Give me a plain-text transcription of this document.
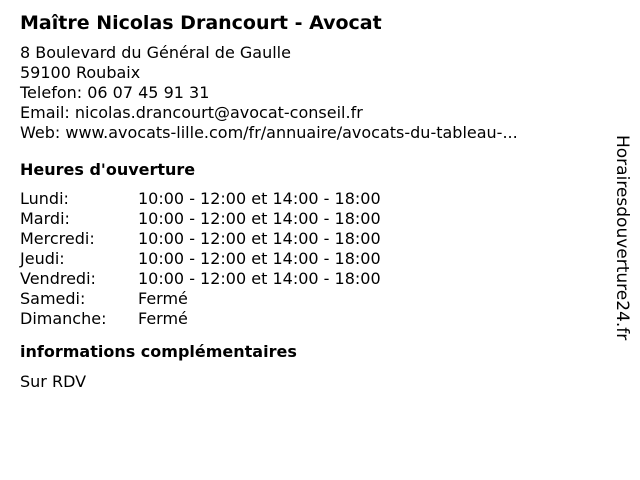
Maître Nicolas Drancourt - Avocat
8 Boulevard du Général de Gaulle
59100 Roubaix
Telefon: 06 07 45 91 31
Email: nicolas.drancourt@avocat-conseil.fr
Web: www.avocats-lille.com/fr/annuaire/avocats-du-tableau-...
Heures d'ouverture
Lundi:	10:00 - 12:00 et 14:00 - 18:00
Mardi:	10:00 - 12:00 et 14:00 - 18:00
Mercredi:	10:00 - 12:00 et 14:00 - 18:00
Jeudi:	10:00 - 12:00 et 14:00 - 18:00
Vendredi:	10:00 - 12:00 et 14:00 - 18:00
Samedi:	Fermé
Dimanche:	Fermé
informations complémentaires
Sur RDV
Horairesdouverture24.fr
